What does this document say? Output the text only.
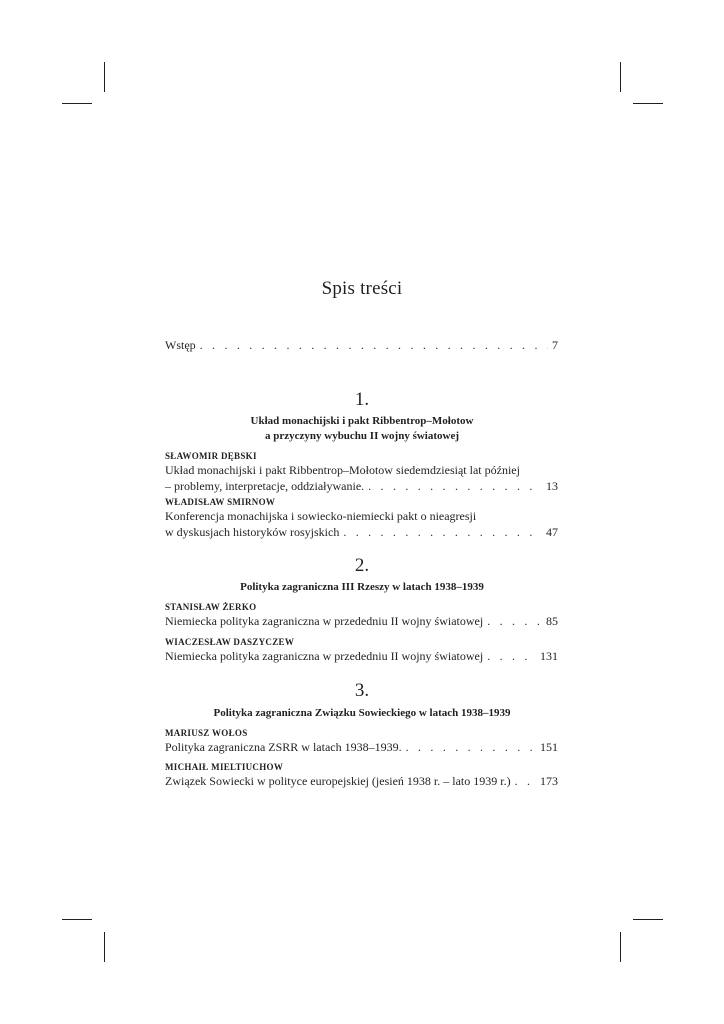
Spis treści
Wstęp . . .	7
1.
Układ monachijski i pakt Ribbentrop–Mołotow
a przyczyny wybuchu II wojny światowej
SŁAWOMIR DĘBSKI
Układ monachijski i pakt Ribbentrop–Mołotow siedemdziesiąt lat później
– problemy, interpretacje, oddziaływanie. . . .	13
WŁADISŁAW SMIRNOW
Konferencja monachijska i sowiecko-niemiecki pakt o nieagresji
w dyskusjach historyków rosyjskich . . .	47
2.
Polityka zagraniczna III Rzeszy w latach 1938–1939
STANISŁAW ŻERKO
Niemiecka polityka zagraniczna w przededniu II wojny światowej . . .	85
WIACZESŁAW DASZYCZEW
Niemiecka polityka zagraniczna w przededniu II wojny światowej . . .	131
3.
Polityka zagraniczna Związku Sowieckiego w latach 1938–1939
MARIUSZ WOŁOS
Polityka zagraniczna ZSRR w latach 1938–1939. . . .	151
MICHAIŁ MIELTIUCHOW
Związek Sowiecki w polityce europejskiej (jesień 1938 r. – lato 1939 r.) . . . 173
